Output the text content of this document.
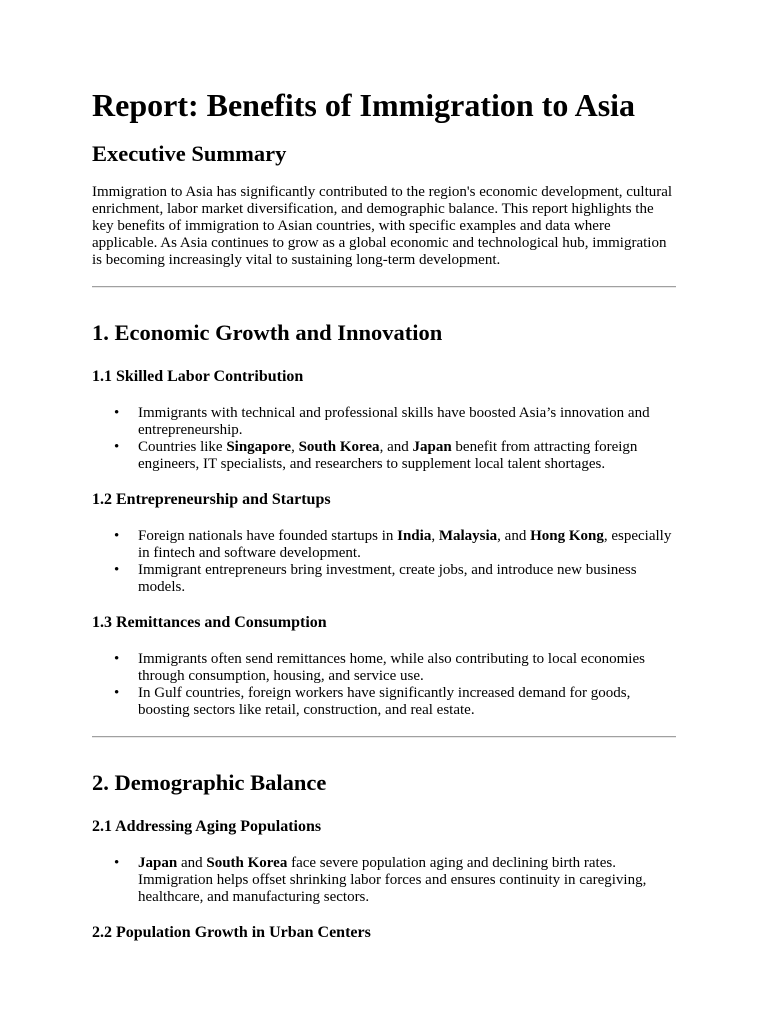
Report: Benefits of Immigration to Asia
Executive Summary

Immigration to Asia has significantly contributed to the region's economic development, cultural enrichment, labor market diversification, and demographic balance. This report highlights the key benefits of immigration to Asian countries, with specific examples and data where applicable. As Asia continues to grow as a global economic and technological hub, immigration is becoming increasingly vital to sustaining long-term development.

1. Economic Growth and Innovation
1.1 Skilled Labor Contribution
• Immigrants with technical and professional skills have boosted Asia’s innovation and entrepreneurship.
• Countries like Singapore, South Korea, and Japan benefit from attracting foreign engineers, IT specialists, and researchers to supplement local talent shortages.
1.2 Entrepreneurship and Startups
• Foreign nationals have founded startups in India, Malaysia, and Hong Kong, especially in fintech and software development.
• Immigrant entrepreneurs bring investment, create jobs, and introduce new business models.
1.3 Remittances and Consumption
• Immigrants often send remittances home, while also contributing to local economies through consumption, housing, and service use.
• In Gulf countries, foreign workers have significantly increased demand for goods, boosting sectors like retail, construction, and real estate.
2. Demographic Balance
2.1 Addressing Aging Populations
• Japan and South Korea face severe population aging and declining birth rates. Immigration helps offset shrinking labor forces and ensures continuity in caregiving, healthcare, and manufacturing sectors.
2.2 Population Growth in Urban Centers
